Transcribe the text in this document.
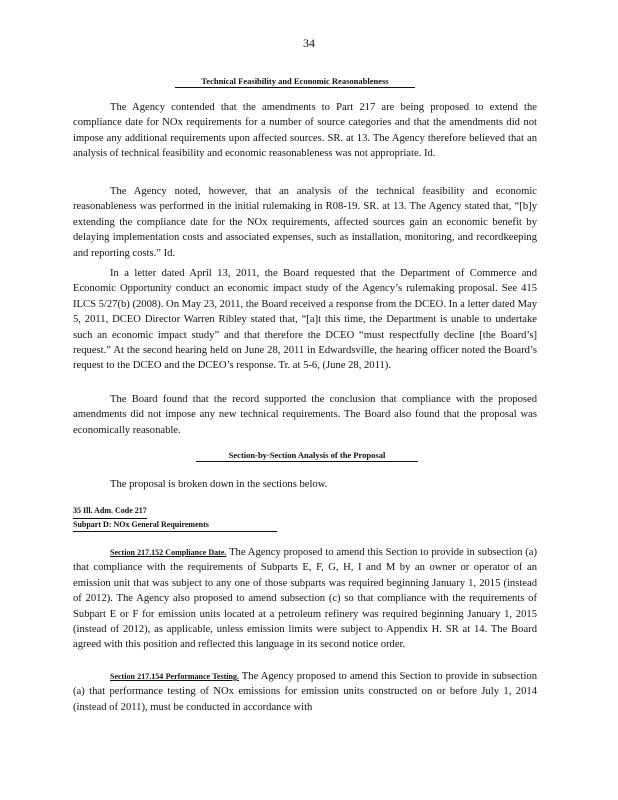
34
Technical Feasibility and Economic Reasonableness

The Agency contended that the amendments to Part 217 are being proposed to extend the compliance date for NOx requirements for a number of source categories and that the amendments did not impose any additional requirements upon affected sources. SR. at 13. The Agency therefore believed that an analysis of technical feasibility and economic reasonableness was not appropriate. Id.

The Agency noted, however, that an analysis of the technical feasibility and economic reasonableness was performed in the initial rulemaking in R08-19. SR. at 13. The Agency stated that, “[b]y extending the compliance date for the NOx requirements, affected sources gain an economic benefit by delaying implementation costs and associated expenses, such as installation, monitoring, and recordkeeping and reporting costs.” Id.

In a letter dated April 13, 2011, the Board requested that the Department of Commerce and Economic Opportunity conduct an economic impact study of the Agency’s rulemaking proposal. See 415 ILCS 5/27(b) (2008). On May 23, 2011, the Board received a response from the DCEO. In a letter dated May 5, 2011, DCEO Director Warren Ribley stated that, “[a]t this time, the Department is unable to undertake such an economic impact study” and that therefore the DCEO “must respectfully decline [the Board’s] request.” At the second hearing held on June 28, 2011 in Edwardsville, the hearing officer noted the Board’s request to the DCEO and the DCEO’s response. Tr. at 5-6, (June 28, 2011).

The Board found that the record supported the conclusion that compliance with the proposed amendments did not impose any new technical requirements. The Board also found that the proposal was economically reasonable.

Section-by-Section Analysis of the Proposal

The proposal is broken down in the sections below.

35 Ill. Adm. Code 217
Subpart D: NOx General Requirements

Section 217.152 Compliance Date. The Agency proposed to amend this Section to provide in subsection (a) that compliance with the requirements of Subparts E, F, G, H, I and M by an owner or operator of an emission unit that was subject to any one of those subparts was required beginning January 1, 2015 (instead of 2012). The Agency also proposed to amend subsection (c) so that compliance with the requirements of Subpart E or F for emission units located at a petroleum refinery was required beginning January 1, 2015 (instead of 2012), as applicable, unless emission limits were subject to Appendix H. SR at 14. The Board agreed with this position and reflected this language in its second notice order.

Section 217.154 Performance Testing. The Agency proposed to amend this Section to provide in subsection (a) that performance testing of NOx emissions for emission units constructed on or before July 1, 2014 (instead of 2011), must be conducted in accordance with
